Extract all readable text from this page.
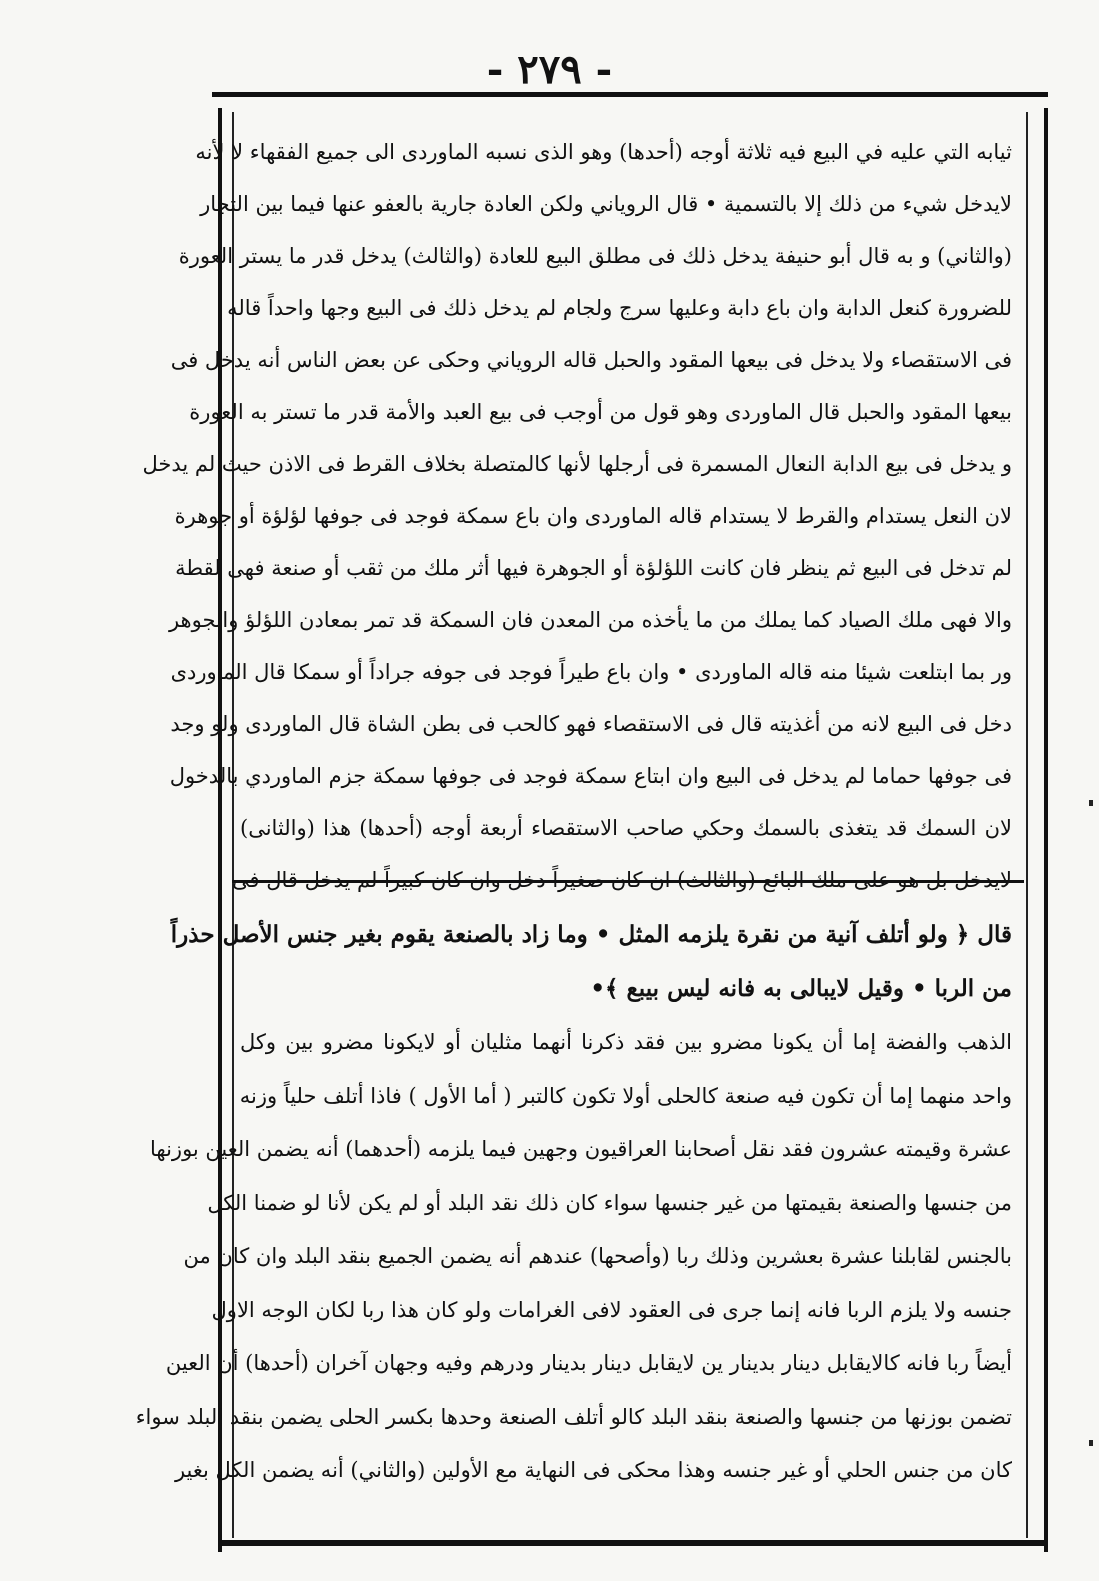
- ٢٧٩ -
ثيابه التي عليه في البيع فيه ثلاثة أوجه (أحدها) وهو الذى نسبه الماوردى الى جميع الفقهاء لا لأنه
لايدخل شيء من ذلك إلا بالتسمية • قال الروياني ولكن العادة جارية بالعفو عنها فيما بين التجار
(والثاني) و به قال أبو حنيفة يدخل ذلك فى مطلق البيع للعادة (والثالث) يدخل قدر ما يستر العورة
للضرورة كنعل الدابة وان باع دابة وعليها سرج ولجام لم يدخل ذلك فى البيع وجها واحداً قاله
فى الاستقصاء ولا يدخل فى بيعها المقود والحبل قاله الروياني وحكى عن بعض الناس أنه يدخل فى
بيعها المقود والحبل قال الماوردى وهو قول من أوجب فى بيع العبد والأمة قدر ما تستر به العورة
و يدخل فى بيع الدابة النعال المسمرة فى أرجلها لأنها كالمتصلة بخلاف القرط فى الاذن حيث لم يدخل
لان النعل يستدام والقرط لا يستدام قاله الماوردى وان باع سمكة فوجد فى جوفها لؤلؤة أو جوهرة
لم تدخل فى البيع ثم ينظر فان كانت اللؤلؤة أو الجوهرة فيها أثر ملك من ثقب أو صنعة فهى لقطة
والا فهى ملك الصياد كما يملك من ما يأخذه من المعدن فان السمكة قد تمر بمعادن اللؤلؤ والجوهر
ور بما ابتلعت شيئا منه قاله الماوردى • وان باع طيراً فوجد فى جوفه جراداً أو سمكا قال الماوردى
دخل فى البيع لانه من أغذيته قال فى الاستقصاء فهو كالحب فى بطن الشاة قال الماوردى ولو وجد
فى جوفها حماما لم يدخل فى البيع وان ابتاع سمكة فوجد فى جوفها سمكة جزم الماوردي بالدخول
لان السمك قد يتغذى بالسمك وحكي صاحب الاستقصاء أربعة أوجه (أحدها) هذا (والثانى)
لايدخل بل هو على ملك البائع (والثالث) ان كان صغيراً دخل وان كان كبيراً لم يدخل قال فى
قال ﴿ ولو أتلف آنية من نقرة يلزمه المثل • وما زاد بالصنعة يقوم بغير جنس الأصل حذراً
من الربا • وقيل لايبالى به فانه ليس بيبع ﴾•
الذهب والفضة إما أن يكونا مضرو بين فقد ذكرنا أنهما مثليان أو لايكونا مضرو بين وكل
واحد منهما إما أن تكون فيه صنعة كالحلى أولا تكون كالتبر ( أما الأول ) فاذا أتلف حلياً وزنه
عشرة وقيمته عشرون فقد نقل أصحابنا العراقيون وجهين فيما يلزمه (أحدهما) أنه يضمن العين بوزنها
من جنسها والصنعة بقيمتها من غير جنسها سواء كان ذلك نقد البلد أو لم يكن لأنا لو ضمنا الكل
بالجنس لقابلنا عشرة بعشرين وذلك ربا (وأصحها) عندهم أنه يضمن الجميع بنقد البلد وان كان من
جنسه ولا يلزم الربا فانه إنما جرى فى العقود لافى الغرامات ولو كان هذا ربا لكان الوجه الاول
أيضاً ربا فانه كالايقابل دينار بدينار ين لايقابل دينار بدينار ودرهم وفيه وجهان آخران (أحدها) أن العين
تضمن بوزنها من جنسها والصنعة بنقد البلد كالو أتلف الصنعة وحدها بكسر الحلى يضمن بنقد البلد سواء
كان من جنس الحلي أو غير جنسه وهذا محكى فى النهاية مع الأولين (والثاني) أنه يضمن الكل بغير
